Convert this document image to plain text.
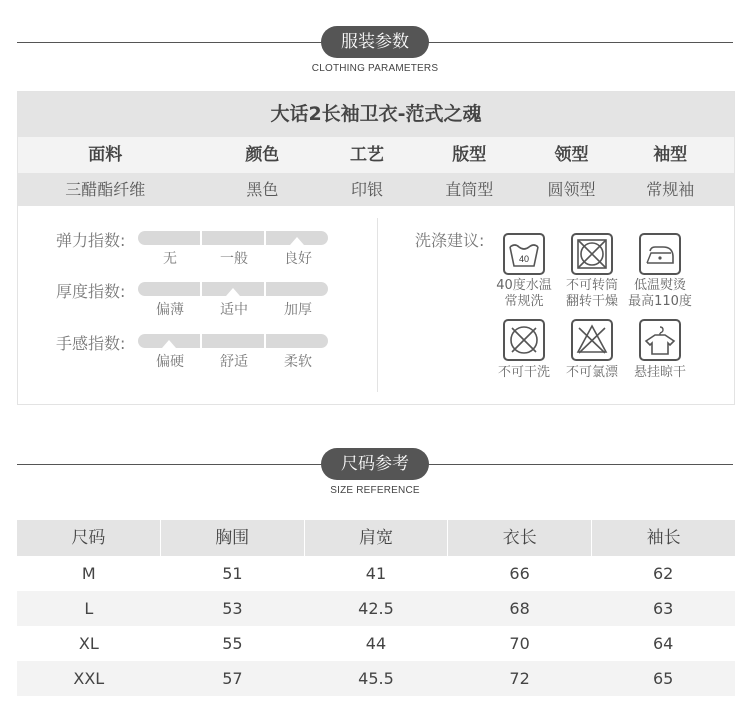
服装参数
CLOTHING PARAMETERS
大话2长袖卫衣-范式之魂
面料	颜色	工艺	版型	领型	袖型
三醋酯纤维	黑色	印银	直筒型	圆领型	常规袖
弹力指数:
无	一般	良好
厚度指数:
偏薄	适中	加厚
手感指数:
偏硬	舒适	柔软
洗涤建议:
40
40度水温
常规洗
不可转筒
翻转干燥
低温熨烫
最高110度
不可干洗	不可氯漂	悬挂晾干
尺码参考
SIZE REFERENCE
尺码	胸围	肩宽	衣长	袖长
M	51	41	66	62
L	53	42.5	68	63
XL	55	44	70	64
XXL	57	45.5	72	65
